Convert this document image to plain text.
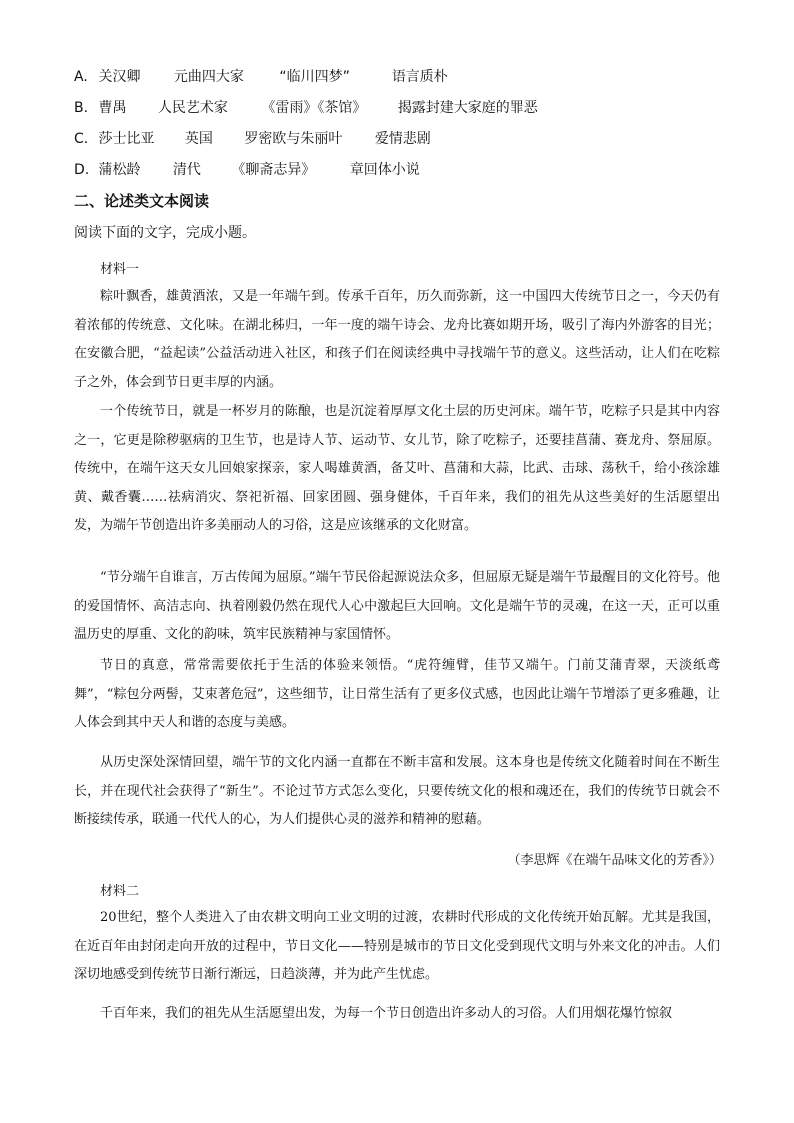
A. 关汉卿 元曲四大家	“临川四梦”	语言质朴
B. 曹禺 人民艺术家 《雷雨》《茶馆》 揭露封建大家庭的罪恶
C. 莎士比亚 英国 罗密欧与朱丽叶 爱情悲剧
D. 蒲松龄 清代 《聊斋志异》 章回体小说
二、论述类文本阅读
阅读下面的文字，完成小题。
材料一

粽叶飘香，雄黄酒浓，又是一年端午到。传承千百年，历久而弥新，这一中国四大传统节日之一，今天仍有着浓郁的传统意、文化味。在湖北秭归，一年一度的端午诗会、龙舟比赛如期开场，吸引了海内外游客的目光；在安徽合肥，“益起读”公益活动进入社区，和孩子们在阅读经典中寻找端午节的意义。这些活动，让人们在吃粽子之外，体会到节日更丰厚的内涵。

一个传统节日，就是一杯岁月的陈酿，也是沉淀着厚厚文化土层的历史河床。端午节，吃粽子只是其中内容之一，它更是除秽驱病的卫生节，也是诗人节、运动节、女儿节，除了吃粽子，还要挂菖蒲、赛龙舟、祭屈原。传统中，在端午这天女儿回娘家探亲，家人喝雄黄酒，备艾叶、菖蒲和大蒜，比武、击球、荡秋千，给小孩涂雄黄、戴香囊……祛病消灾、祭祀祈福、回家团圆、强身健体，千百年来，我们的祖先从这些美好的生活愿望出发，为端午节创造出许多美丽动人的习俗，这是应该继承的文化财富。

“节分端午自谁言，万古传闻为屈原。”端午节民俗起源说法众多，但屈原无疑是端午节最醒目的文化符号。他的爱国情怀、高洁志向、执着刚毅仍然在现代人心中激起巨大回响。文化是端午节的灵魂，在这一天，正可以重温历史的厚重、文化的韵味，筑牢民族精神与家国情怀。

节日的真意，常常需要依托于生活的体验来领悟。“虎符缠臂，佳节又端午。门前艾蒲青翠，天淡纸鸢舞”，“粽包分两髻，艾束著危冠”，这些细节，让日常生活有了更多仪式感，也因此让端午节增添了更多雅趣，让人体会到其中天人和谐的态度与美感。

从历史深处深情回望，端午节的文化内涵一直都在不断丰富和发展。这本身也是传统文化随着时间在不断生长，并在现代社会获得了“新生”。不论过节方式怎么变化，只要传统文化的根和魂还在，我们的传统节日就会不断接续传承，联通一代代人的心，为人们提供心灵的滋养和精神的慰藉。

（李思辉《在端午品味文化的芳香》）
材料二

20世纪，整个人类进入了由农耕文明向工业文明的过渡，农耕时代形成的文化传统开始瓦解。尤其是我国，在近百年由封闭走向开放的过程中，节日文化——特别是城市的节日文化受到现代文明与外来文化的冲击。人们深切地感受到传统节日渐行渐远，日趋淡薄，并为此产生忧虑。

千百年来，我们的祖先从生活愿望出发，为每一个节日创造出许多动人的习俗。人们用烟花爆竹惊叙
